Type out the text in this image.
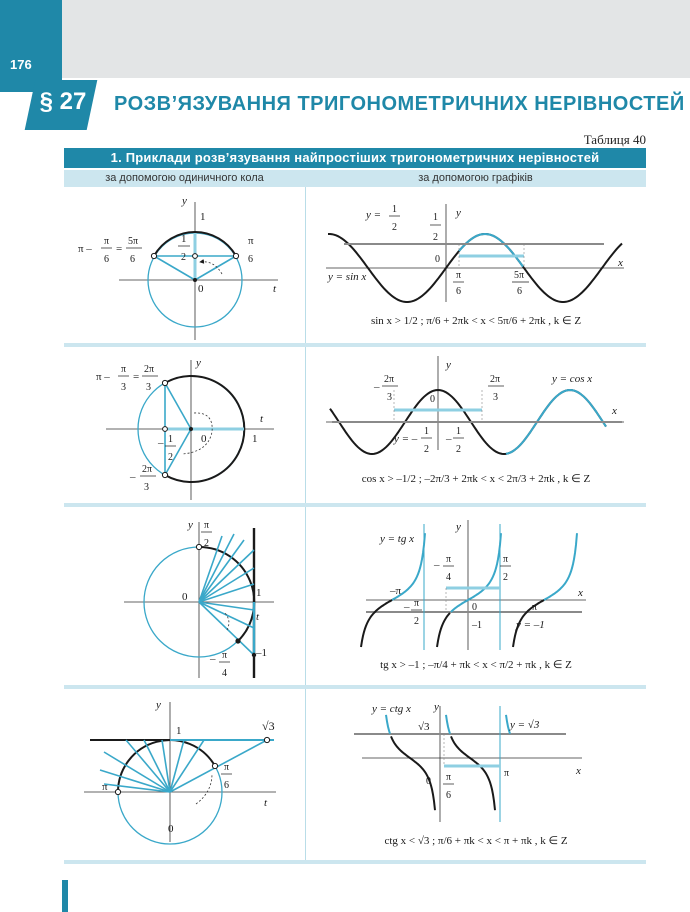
176
§ 27 РОЗВ’ЯЗУВАННЯ ТРИГОНОМЕТРИЧНИХ НЕРІВНОСТЕЙ
Таблиця 40
1. Приклади розв’язування найпростіших тригонометричних нерівностей
за допомогою одиничного кола	за допомогою графіків
y
t
1
0
π
6
1
2
π –
π
6
=
5π
6
y = 1
2
y
x
1
2
0
y = sin x	π
6
5π
6
sin x > 1/2 ; π/6 + 2πk < x < 5π/6 + 2πk , k ∈ Z
y
t
1
0
π –
π
3
=
2π
3
– 1
2
–
2π
3
y
x
0
y = cos x
–
2π
3
2π
3
y = –
1
2
–
1
2
cos x > –1/2 ; –2π/3 + 2πk < x < 2π/3 + 2πk , k ∈ Z
y
t
1
–1
0
π
2
– π
4
y
x
0
y = tg x
–π
π
–1	y = –1
– π
4
π
2
– π
2
tg x > –1 ; –π/4 + πk < x < π/2 + πk , k ∈ Z
y
t
1
0
π
√3
π
6
y
x
0
y = ctg x
√3	y = √3
π
π
6
ctg x < √3 ; π/6 + πk < x < π + πk , k ∈ Z
